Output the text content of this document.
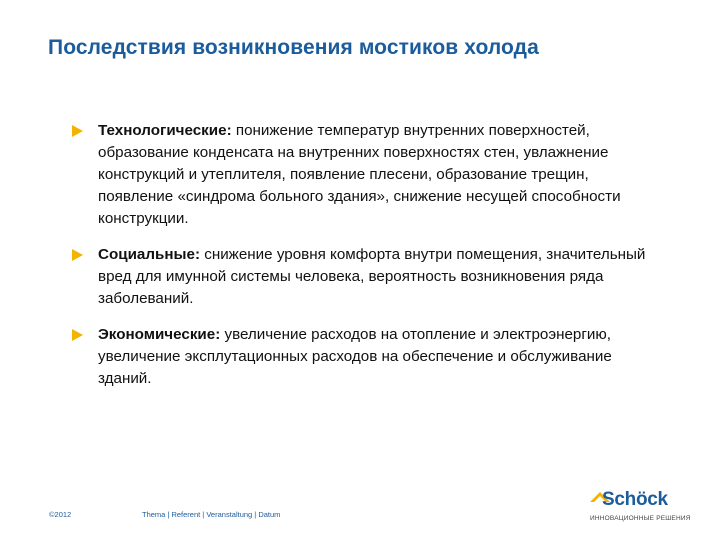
Последствия возникновения мостиков холода
Технологические: понижение температур внутренних поверхностей, образование конденсата на внутренних поверхностях стен, увлажнение конструкций и утеплителя, появление плесени, образование трещин, появление «синдрома больного здания», снижение несущей способности конструкции.
Социальные: снижение уровня комфорта внутри помещения, значительный вред для имунной системы человека, вероятность возникновения ряда заболеваний.
Экономические: увеличение расходов на отопление и электроэнергию, увеличение эксплутационных расходов на обеспечение и обслуживание зданий.
©2012	Thema | Referent | Veranstaltung | Datum
Schöck
ИННОВАЦИОННЫЕ РЕШЕНИЯ
